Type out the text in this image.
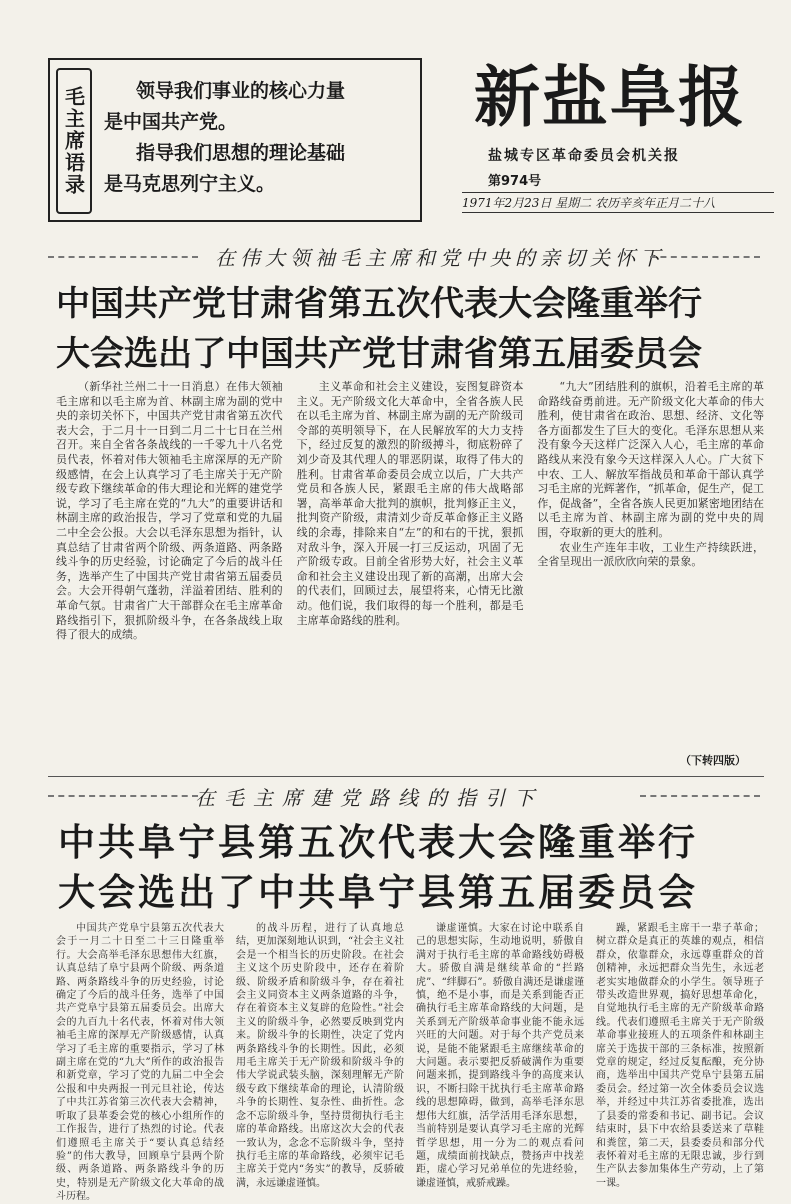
毛主席语录	领导我们事业的核心力量
是中国共产党。
指导我们思想的理论基础
是马克思列宁主义。
新盐阜报
盐城专区革命委员会机关报
第974号
1971年2月23日 星期二 农历辛亥年正月二十八
在伟大领袖毛主席和党中央的亲切关怀下
中国共产党甘肃省第五次代表大会隆重举行
大会选出了中国共产党甘肃省第五届委员会

（新华社兰州二十一日消息）在伟大领袖毛主席和以毛主席为首、林副主席为副的党中央的亲切关怀下，中国共产党甘肃省第五次代表大会，于二月十一日到二月二十七日在兰州召开。来自全省各条战线的一千零九十八名党员代表，怀着对伟大领袖毛主席深厚的无产阶级感情，在会上认真学习了毛主席关于无产阶级专政下继续革命的伟大理论和光辉的建党学说，学习了毛主席在党的“九大”的重要讲话和林副主席的政治报告，学习了党章和党的九届二中全会公报。大会以毛泽东思想为指针，认真总结了甘肃省两个阶级、两条道路、两条路线斗争的历史经验，讨论确定了今后的战斗任务，选举产生了中国共产党甘肃省第五届委员会。大会开得朝气蓬勃，洋溢着团结、胜利的革命气氛。甘肃省广大干部群众在毛主席革命路线指引下，狠抓阶级斗争，在各条战线上取得了很大的成绩。

主义革命和社会主义建设，妄图复辟资本主义。无产阶级文化大革命中，全省各族人民在以毛主席为首、林副主席为副的无产阶级司令部的英明领导下，在人民解放军的大力支持下，经过反复的激烈的阶级搏斗，彻底粉碎了刘少奇及其代理人的罪恶阴谋，取得了伟大的胜利。甘肃省革命委员会成立以后，广大共产党员和各族人民，紧跟毛主席的伟大战略部署，高举革命大批判的旗帜，批判修正主义，批判资产阶级，肃清刘少奇反革命修正主义路线的余毒，排除来自“左”的和右的干扰，狠抓对敌斗争，深入开展一打三反运动，巩固了无产阶级专政。目前全省形势大好，社会主义革命和社会主义建设出现了新的高潮，出席大会的代表们，回顾过去，展望将来，心情无比激动。他们说，我们取得的每一个胜利，都是毛主席革命路线的胜利。

“九大”团结胜利的旗帜，沿着毛主席的革命路线奋勇前进。无产阶级文化大革命的伟大胜利，使甘肃省在政治、思想、经济、文化等各方面都发生了巨大的变化。毛泽东思想从来没有象今天这样广泛深入人心，毛主席的革命路线从来没有象今天这样深入人心。广大贫下中农、工人、解放军指战员和革命干部认真学习毛主席的光辉著作，“抓革命，促生产，促工作，促战备”，全省各族人民更加紧密地团结在以毛主席为首、林副主席为副的党中央的周围，夺取新的更大的胜利。

农业生产连年丰收，工业生产持续跃进，全省呈现出一派欣欣向荣的景象。

（下转四版）
在毛主席建党路线的指引下
中共阜宁县第五次代表大会隆重举行
大会选出了中共阜宁县第五届委员会

中国共产党阜宁县第五次代表大会于一月二十日至二十三日隆重举行。大会高举毛泽东思想伟大红旗，认真总结了阜宁县两个阶级、两条道路、两条路线斗争的历史经验，讨论确定了今后的战斗任务，选举了中国共产党阜宁县第五届委员会。出席大会的九百九十名代表，怀着对伟大领袖毛主席的深厚无产阶级感情，认真学习了毛主席的重要指示，学习了林副主席在党的“九大”所作的政治报告和新党章，学习了党的九届二中全会公报和中央两报一刊元旦社论，传达了中共江苏省第三次代表大会精神，听取了县革委会党的核心小组所作的工作报告，进行了热烈的讨论。代表们遵照毛主席关于“要认真总结经验”的伟大教导，回顾阜宁县两个阶级、两条道路、两条路线斗争的历史，特别是无产阶级文化大革命的战斗历程。

的战斗历程，进行了认真地总结，更加深刻地认识到，“社会主义社会是一个相当长的历史阶段。在社会主义这个历史阶段中，还存在着阶级、阶级矛盾和阶级斗争，存在着社会主义同资本主义两条道路的斗争，存在着资本主义复辟的危险性。”社会主义的阶级斗争，必然要反映到党内来。阶级斗争的长期性，决定了党内两条路线斗争的长期性。因此，必须用毛主席关于无产阶级和阶级斗争的伟大学说武装头脑，深刻理解无产阶级专政下继续革命的理论，认清阶级斗争的长期性、复杂性、曲折性。念念不忘阶级斗争，坚持贯彻执行毛主席的革命路线。出席这次大会的代表一致认为，念念不忘阶级斗争，坚持执行毛主席的革命路线，必须牢记毛主席关于党内“务实”的教导，反骄破满，永远谦虚谨慎。

谦虚谨慎。大家在讨论中联系自己的思想实际，生动地说明，骄傲自满对于执行毛主席的革命路线妨碍极大。骄傲自满是继续革命的“拦路虎”、“绊脚石”。骄傲自满还是谦虚谨慎，绝不是小事，而是关系到能否正确执行毛主席革命路线的大问题，是关系到无产阶级革命事业能不能永远兴旺的大问题。对于每个共产党员来说，是能不能紧跟毛主席继续革命的大问题。表示要把反骄破满作为重要问题来抓，提到路线斗争的高度来认识，不断扫除干扰执行毛主席革命路线的思想障碍，做到，高举毛泽东思想伟大红旗，活学活用毛泽东思想，当前特别是要认真学习毛主席的光辉哲学思想，用一分为二的观点看问题，成绩面前找缺点，赞扬声中找差距，虚心学习兄弟单位的先进经验，谦虚谨慎，戒骄戒躁。

躁，紧跟毛主席干一辈子革命；树立群众是真正的英雄的观点，相信群众，依靠群众，永远尊重群众的首创精神，永远把群众当先生，永远老老实实地做群众的小学生。领导班子带头改造世界观，搞好思想革命化，自觉地执行毛主席的无产阶级革命路线。代表们遵照毛主席关于无产阶级革命事业接班人的五项条件和林副主席关于选拔干部的三条标准，按照新党章的规定，经过反复酝酿，充分协商，选举出中国共产党阜宁县第五届委员会。经过第一次全体委员会议选举，并经过中共江苏省委批准，选出了县委的常委和书记、副书记。会议结束时，县下中农给县委送来了草鞋和粪筐，第二天，县委委员和部分代表怀着对毛主席的无限忠诚，步行到生产队去参加集体生产劳动，上了第一课。
